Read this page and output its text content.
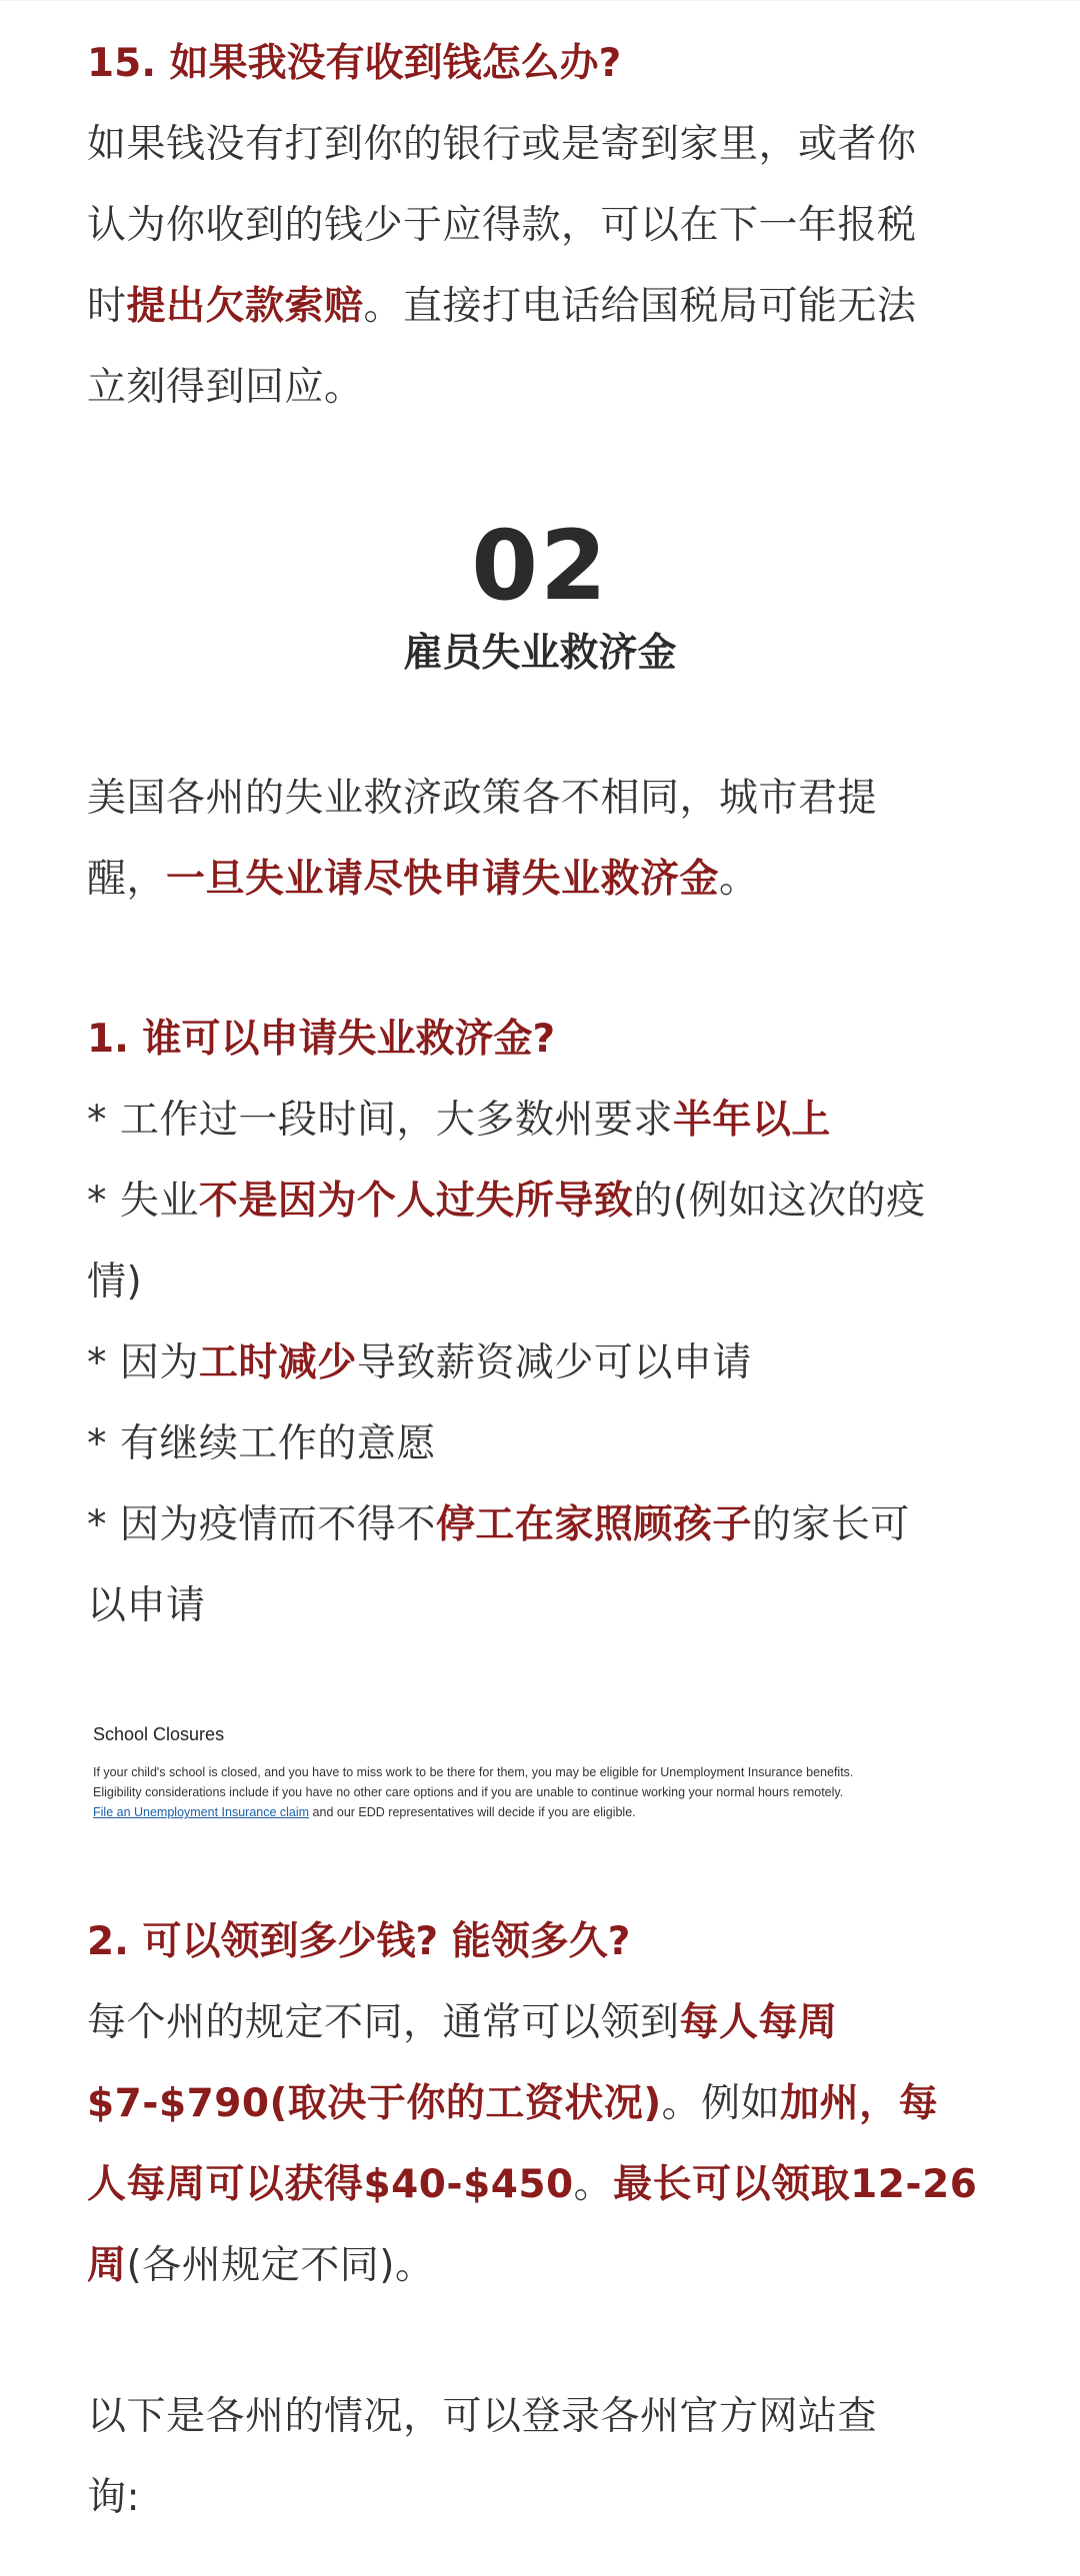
15. 如果我没有收到钱怎么办?

如果钱没有打到你的银行或是寄到家里，或者你

认为你收到的钱少于应得款，可以在下一年报税

时提出欠款索赔。直接打电话给国税局可能无法

立刻得到回应。

02

雇员失业救济金

美国各州的失业救济政策各不相同，城市君提

醒，一旦失业请尽快申请失业救济金。

1. 谁可以申请失业救济金?

* 工作过一段时间，大多数州要求半年以上

* 失业不是因为个人过失所导致的(例如这次的疫

情)

* 因为工时减少导致薪资减少可以申请

* 有继续工作的意愿

* 因为疫情而不得不停工在家照顾孩子的家长可

以申请

School Closures

If your child's school is closed, and you have to miss work to be there for them, you may be eligible for Unemployment Insurance benefits.

Eligibility considerations include if you have no other care options and if you are unable to continue working your normal hours remotely.

File an Unemployment Insurance claim and our EDD representatives will decide if you are eligible.

2. 可以领到多少钱? 能领多久?

每个州的规定不同，通常可以领到每人每周

$7-$790(取决于你的工资状况)。例如加州，每

人每周可以获得$40-$450。最长可以领取12-26

周(各州规定不同)。

以下是各州的情况，可以登录各州官方网站查

询:
